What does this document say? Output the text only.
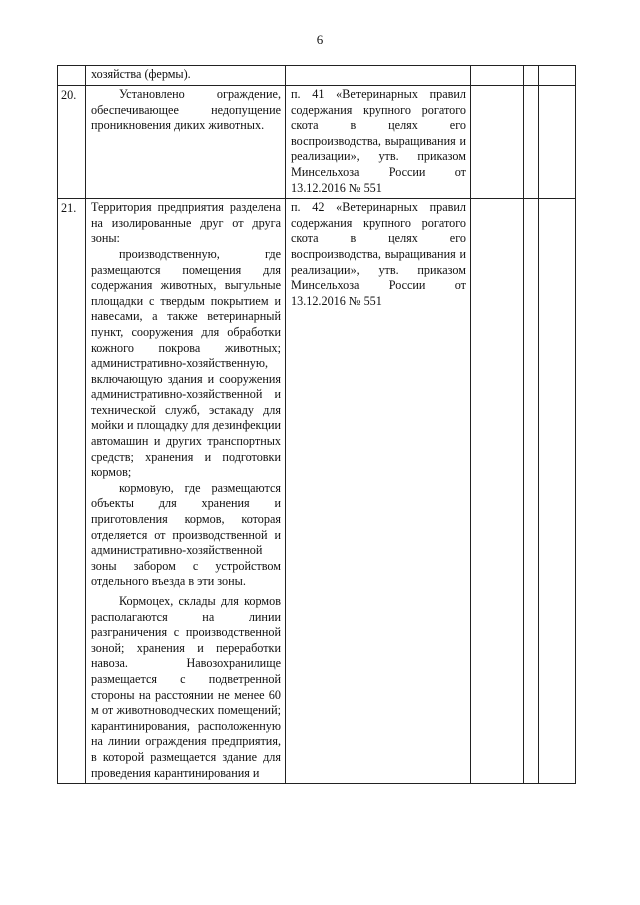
6
	хозяйства (фермы).				
20.	Установлено ограждение, обеспечивающее недопущение проникновения диких животных.	п. 41 «Ветеринарных правил содержания крупного рогатого скота в целях его воспроизводства, выращивания и реализации», утв. приказом Минсельхоза России от 13.12.2016 № 551			

21.	Территория предприятия разделена на изолированные друг от друга зоны:

производственную, где размещаются помещения для содержания животных, выгульные площадки с твердым покрытием и навесами, а также ветеринарный пункт, сооружения для обработки кожного покрова животных; административно-хозяйственную, включающую здания и сооружения административно-хозяйственной и технической служб, эстакаду для мойки и площадку для дезинфекции автомашин и других транспортных средств; хранения и подготовки кормов;

кормовую, где размещаются объекты для хранения и приготовления кормов, которая отделяется от производственной и административно-хозяйственной зоны забором с устройством отдельного въезда в эти зоны.

Кормоцех, склады для кормов располагаются на линии разграничения с производственной зоной; хранения и переработки навоза. Навозохранилище размещается с подветренной стороны на расстоянии не менее 60 м от животноводческих помещений; карантинирования, расположенную на линии ограждения предприятия, в которой размещается здание для проведения карантинирования и	п. 42 «Ветеринарных правил содержания крупного рогатого скота в целях его воспроизводства, выращивания и реализации», утв. приказом Минсельхоза России от 13.12.2016 № 551			
